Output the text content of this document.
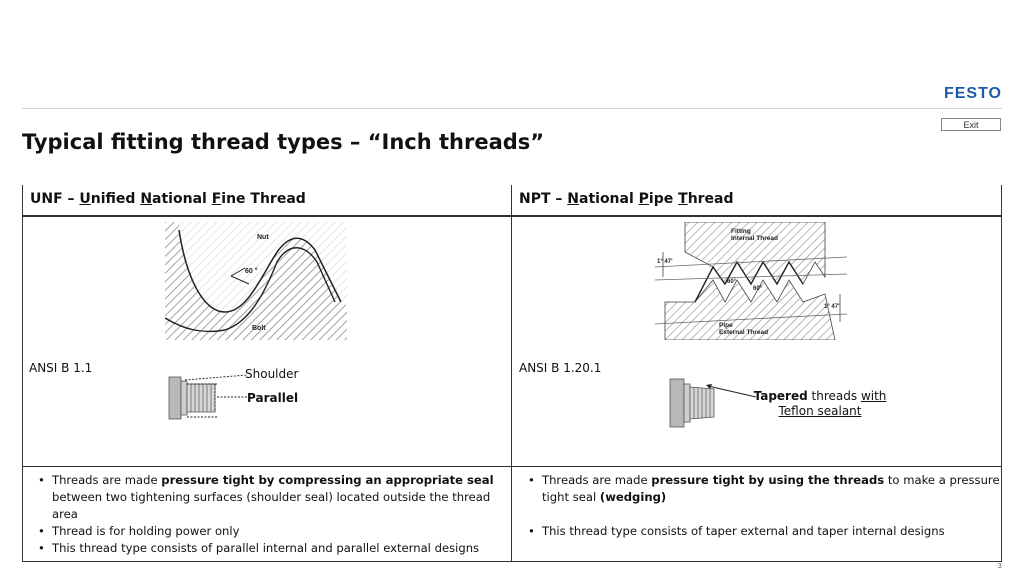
FESTO
Exit
Typical fitting thread types – “Inch threads”
UNF – Unified National Fine Thread	NPT – National Pipe Thread
Nut
60 °
Bolt
Fitting
Internal Thread
1° 47'
60°
60°
1° 47'
Pipe
External Thread
ANSI B 1.1	ANSI B 1.20.1
Shoulder
Parallel	Tapered threads with
Teflon sealant
• Threads are made pressure tight by compressing an appropriate seal between two tightening surfaces (shoulder seal) located outside the thread area
• Thread is for holding power only
• This thread type consists of parallel internal and parallel external designs
• Threads are made pressure tight by using the threads to make a pressure tight seal (wedging)
• This thread type consists of taper external and taper internal designs
3
